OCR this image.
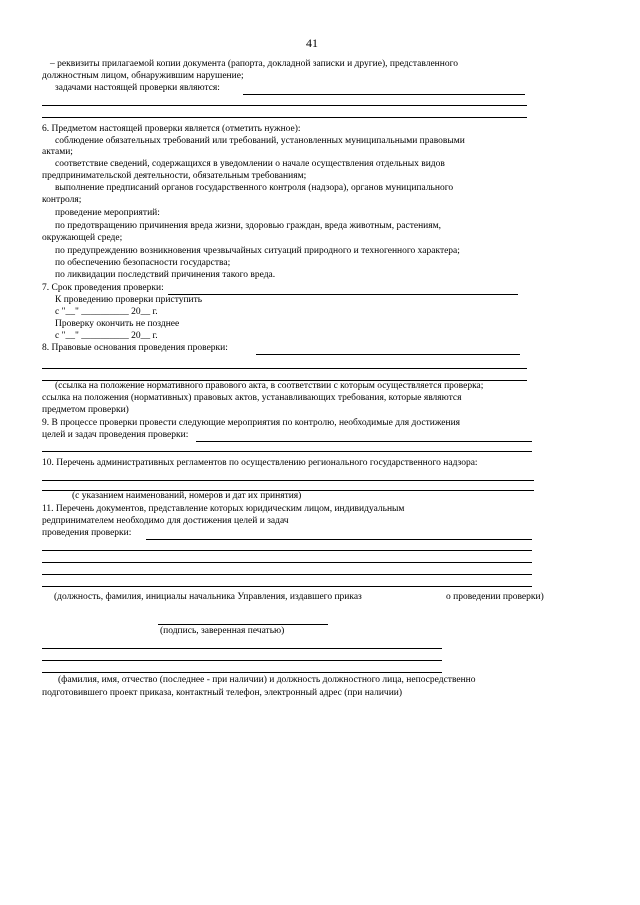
41
– реквизиты прилагаемой копии документа (рапорта, докладной записки и другие), представленного
должностным лицом, обнаружившим нарушение;
задачами настоящей проверки являются:
6. Предметом настоящей проверки является (отметить нужное):
соблюдение обязательных требований или требований, установленных муниципальными правовыми
актами;
соответствие сведений, содержащихся в уведомлении о начале осуществления отдельных видов
предпринимательской деятельности, обязательным требованиям;
выполнение предписаний органов государственного контроля (надзора), органов муниципального
контроля;
проведение мероприятий:
по предотвращению причинения вреда жизни, здоровью граждан, вреда животным, растениям,
окружающей среде;
по предупреждению возникновения чрезвычайных ситуаций природного и техногенного характера;
по обеспечению безопасности государства;
по ликвидации последствий причинения такого вреда.
7. Срок проведения проверки:
К проведению проверки приступить
с "__" __________ 20__ г.
Проверку окончить не позднее
с "__" __________ 20__ г.
8. Правовые основания проведения проверки:
(ссылка на положение нормативного правового акта, в соответствии с которым осуществляется проверка;
ссылка на положения (нормативных) правовых актов, устанавливающих требования, которые являются
предметом проверки)
9. В процессе проверки провести следующие мероприятия по контролю, необходимые для достижения
целей и задач проведения проверки:
10. Перечень административных регламентов по осуществлению регионального государственного надзора:
(с указанием наименований, номеров и дат их принятия)
11. Перечень документов, представление которых юридическим лицом, индивидуальным
редпринимателем необходимо для достижения целей и задач
проведения проверки:
(должность, фамилия, инициалы начальника Управления, издавшего приказ	о проведении проверки)
(подпись, заверенная печатью)
(фамилия, имя, отчество (последнее - при наличии) и должность должностного лица, непосредственно
подготовившего проект приказа, контактный телефон, электронный адрес (при наличии)
